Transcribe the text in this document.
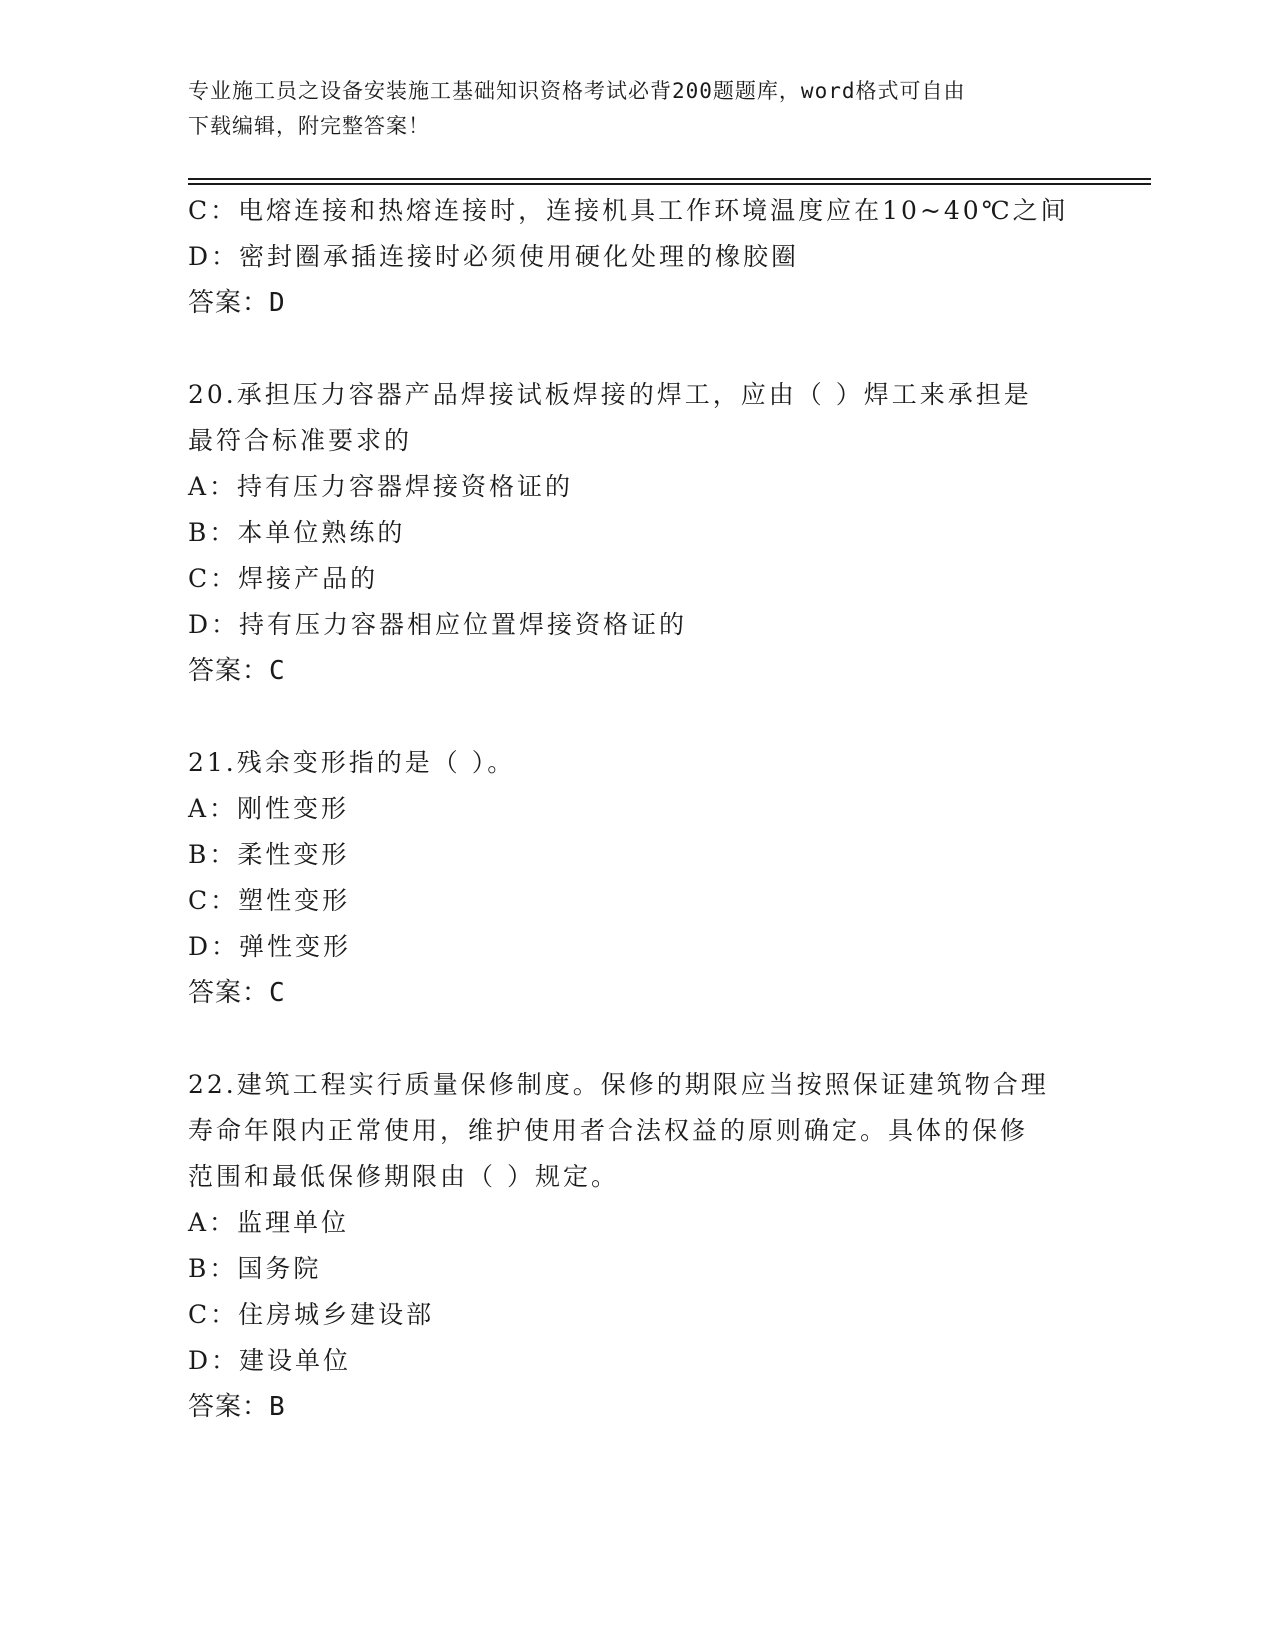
专业施工员之设备安装施工基础知识资格考试必背200题题库，word格式可自由
下载编辑，附完整答案！
C：电熔连接和热熔连接时，连接机具工作环境温度应在10~40℃之间
D：密封圈承插连接时必须使用硬化处理的橡胶圈
答案：D
20.承担压力容器产品焊接试板焊接的焊工，应由（ ）焊工来承担是
最符合标准要求的
A：持有压力容器焊接资格证的
B：本单位熟练的
C：焊接产品的
D：持有压力容器相应位置焊接资格证的
答案：C
21.残余变形指的是（ ）。
A：刚性变形
B：柔性变形
C：塑性变形
D：弹性变形
答案：C
22.建筑工程实行质量保修制度。保修的期限应当按照保证建筑物合理
寿命年限内正常使用，维护使用者合法权益的原则确定。具体的保修
范围和最低保修期限由（ ）规定。
A：监理单位
B：国务院
C：住房城乡建设部
D：建设单位
答案：B
